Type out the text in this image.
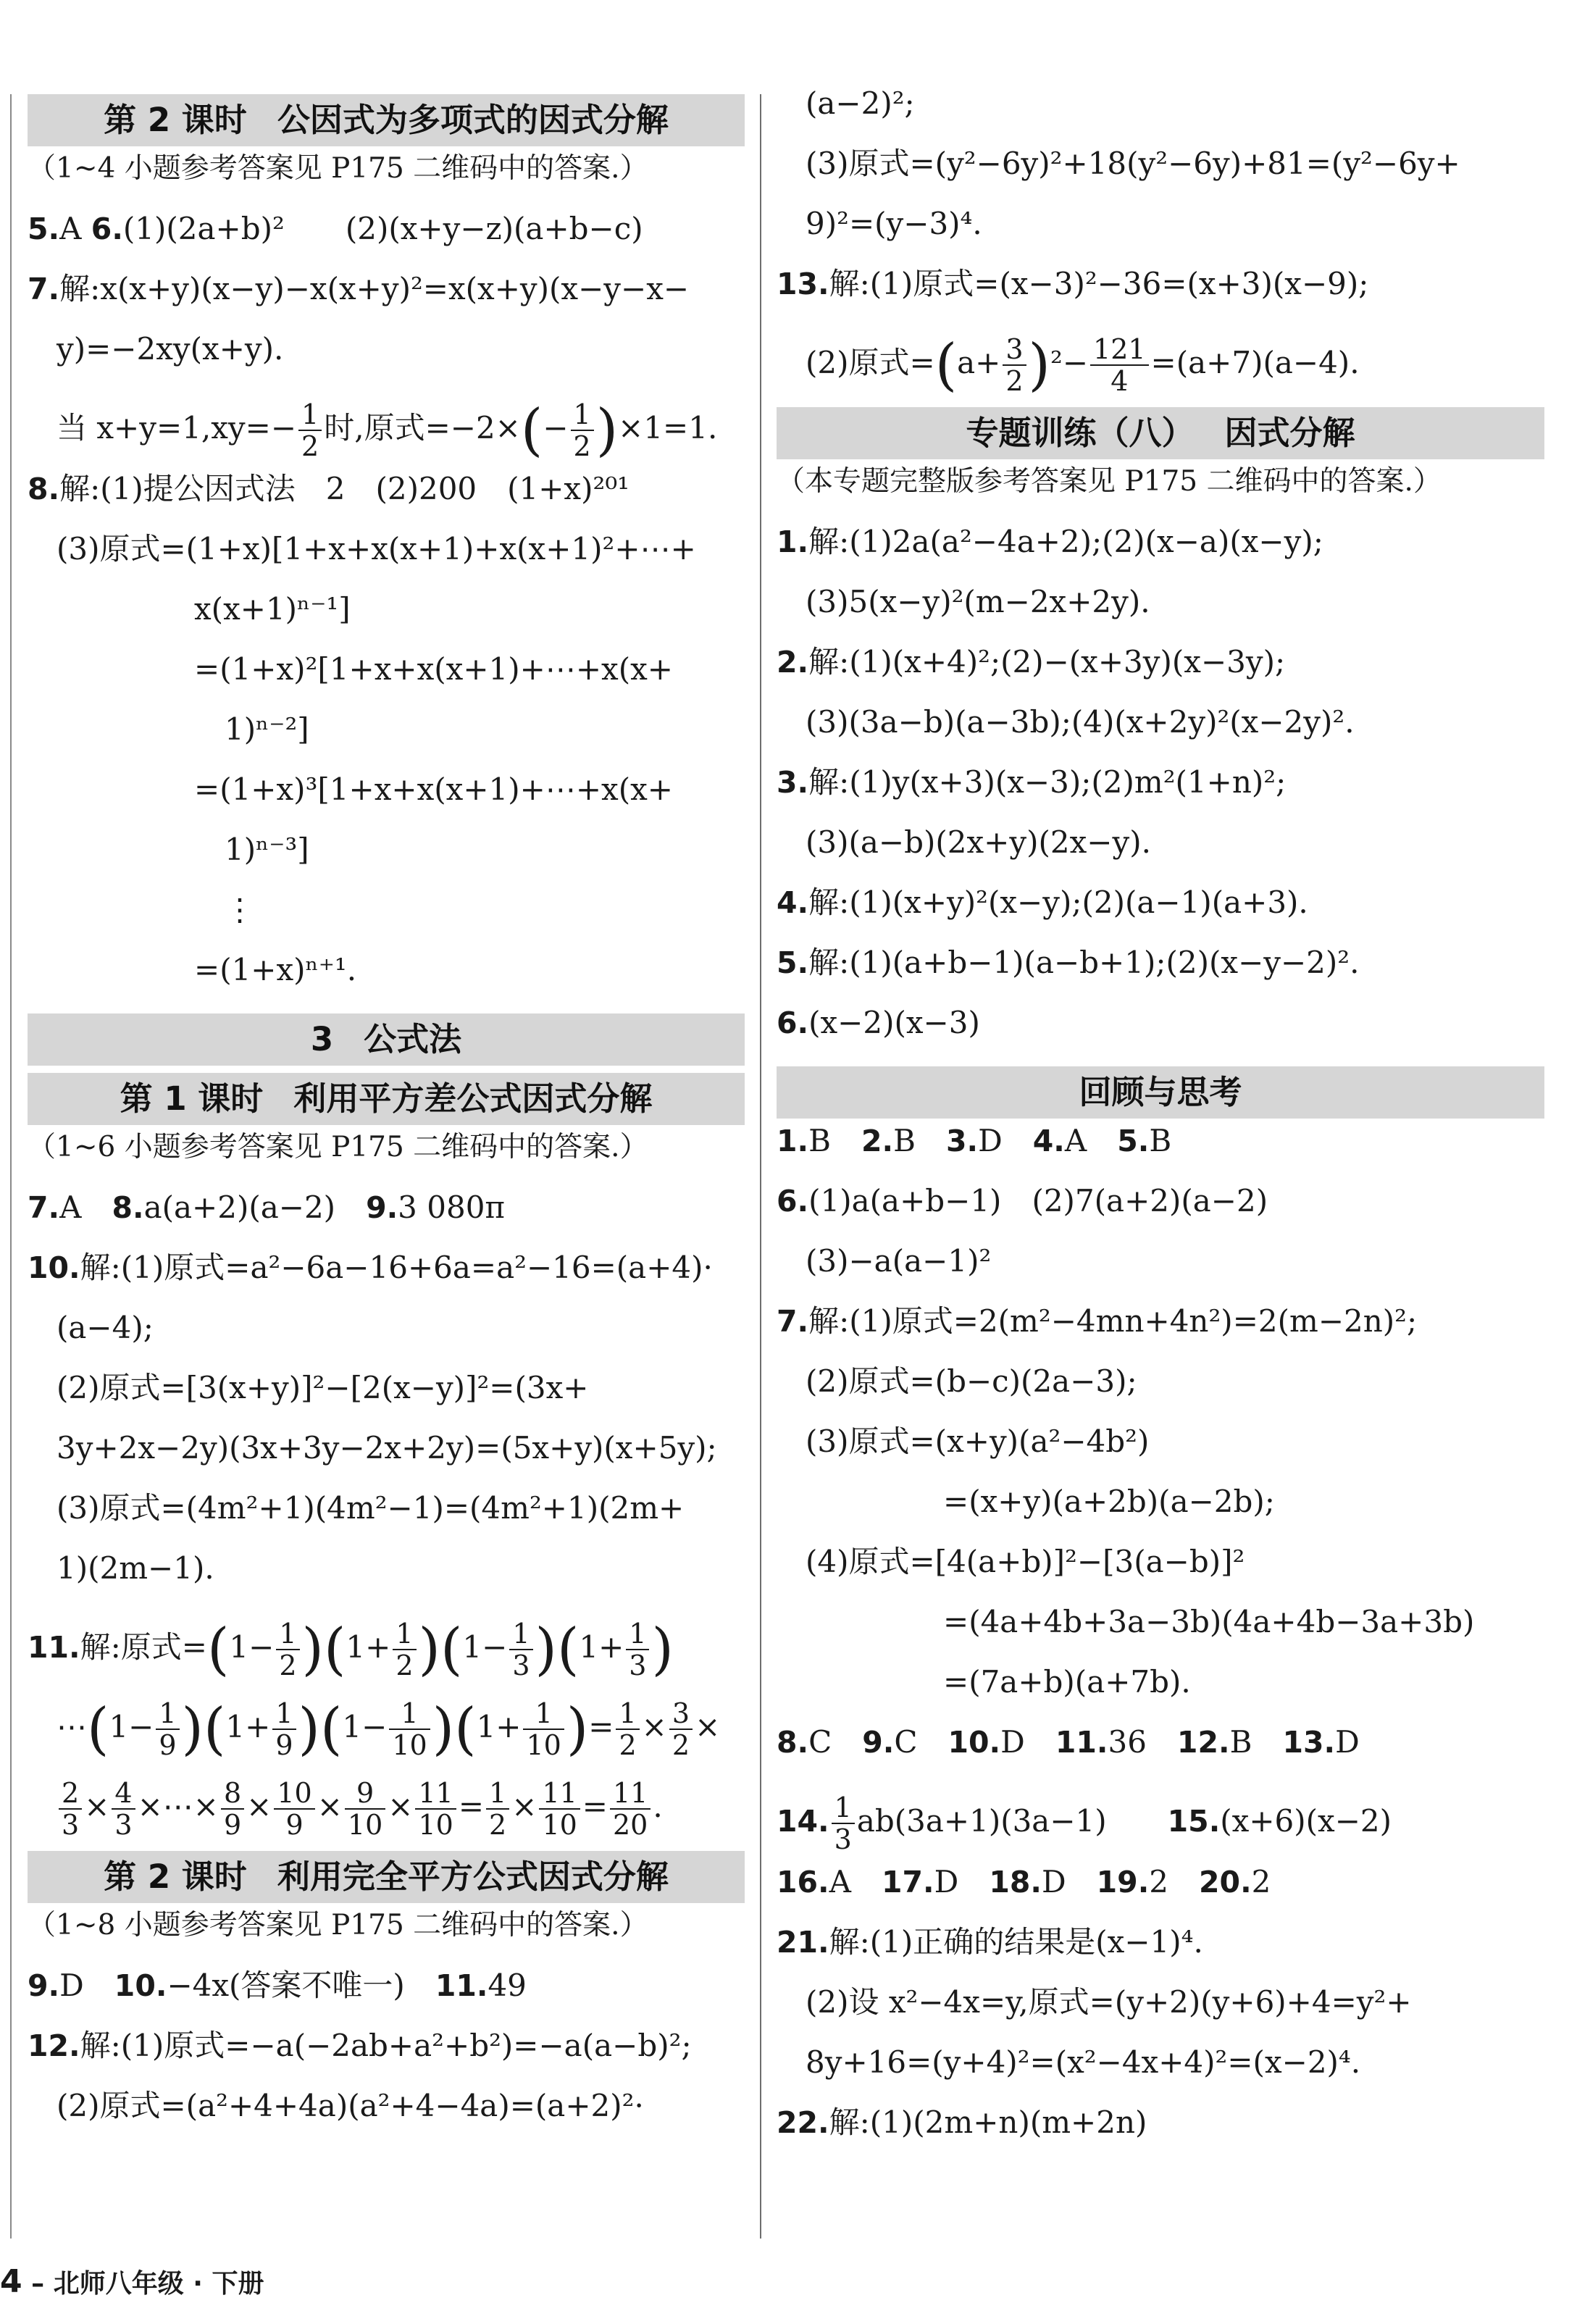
第 2 课时 公因式为多项式的因式分解
（1~4 小题参考答案见 P175 二维码中的答案.）
5.A 6.(1)(2a+b)²　　(2)(x+y−z)(a+b−c)
7.解:x(x+y)(x−y)−x(x+y)²=x(x+y)(x−y−x−
y)=−2xy(x+y).
当 $x+y=1,xy=- \frac{1}{2}$ 时,原式$=-2\times(- \frac{1}{2} )\times 1=1$.
8.解:(1)提公因式法　2　(2)200　(1+x)²⁰¹
(3)原式=(1+x)[1+x+x(x+1)+x(x+1)²+⋯+
x(x+1)ⁿ⁻¹]
=(1+x)²[1+x+x(x+1)+⋯+x(x+
　1)ⁿ⁻²]
=(1+x)³[1+x+x(x+1)+⋯+x(x+
　1)ⁿ⁻³]
　⋮
=(1+x)ⁿ⁺¹.
3 公式法
第 1 课时 利用平方差公式因式分解
（1~6 小题参考答案见 P175 二维码中的答案.）
7.A　8.a(a+2)(a−2)　9.3 080π
10.解:(1)原式=a²−6a−16+6a=a²−16=(a+4)·
(a−4);
(2)原式=[3(x+y)]²−[2(x−y)]²=(3x+
3y+2x−2y)(3x+3y−2x+2y)=(5x+y)(x+5y);
(3)原式=(4m²+1)(4m²−1)=(4m²+1)(2m+
1)(2m−1).
11.解:原式$=(1- \frac{1}{2} )(1+ \frac{1}{2} )(1- \frac{1}{3} )(1+ \frac{1}{3}$ )
⋯(1− $\frac{1}{9} )(1+ \frac{1}{9} )(1- \frac{1}{10} )(1+ \frac{1}{10}$ )= $\frac{1}{2} \times \frac{3}{2}$ ×
$\frac{2}{3} \times \frac{4}{3}$ ×⋯× $\frac{8}{9} \times \frac{10}{9} \times \frac{9}{10} \times \frac{11}{10} = \frac{1}{2} \times \frac{11}{10} = \frac{11}{20}$ .
第 2 课时 利用完全平方公式因式分解
（1~8 小题参考答案见 P175 二维码中的答案.）
9.D　10.−4x(答案不唯一)　11.49
12.解:(1)原式=−a(−2ab+a²+b²)=−a(a−b)²;
(2)原式=(a²+4+4a)(a²+4−4a)=(a+2)²·
(a−2)²;
(3)原式=(y²−6y)²+18(y²−6y)+81=(y²−6y+
9)²=(y−3)⁴.
13.解:(1)原式=(x−3)²−36=(x+3)(x−9);
(2)原式$=(a+ \frac{3}{2} )^2- \frac{121}{4} =(a+7)(a-4)$.
专题训练（八） 因式分解
（本专题完整版参考答案见 P175 二维码中的答案.）
1.解:(1)2a(a²−4a+2);(2)(x−a)(x−y);
(3)5(x−y)²(m−2x+2y).
2.解:(1)(x+4)²;(2)−(x+3y)(x−3y);
(3)(3a−b)(a−3b);(4)(x+2y)²(x−2y)².
3.解:(1)y(x+3)(x−3);(2)m²(1+n)²;
(3)(a−b)(2x+y)(2x−y).
4.解:(1)(x+y)²(x−y);(2)(a−1)(a+3).
5.解:(1)(a+b−1)(a−b+1);(2)(x−y−2)².
6.(x−2)(x−3)
回顾与思考
1.B　2.B　3.D　4.A　5.B
6.(1)a(a+b−1)　(2)7(a+2)(a−2)
(3)−a(a−1)²
7.解:(1)原式=2(m²−4mn+4n²)=2(m−2n)²;
(2)原式=(b−c)(2a−3);
(3)原式=(x+y)(a²−4b²)
=(x+y)(a+2b)(a−2b);
(4)原式=[4(a+b)]²−[3(a−b)]²
=(4a+4b+3a−3b)(4a+4b−3a+3b)
=(7a+b)(a+7b).
8.C　9.C　10.D　11.36　12.B　13.D
14. $\frac{1}{3} ab(3a+1)(3a-1)$　　15.(x+6)(x−2)
16.A　17.D　18.D　19.2　20.2
21.解:(1)正确的结果是(x−1)⁴.
(2)设 x²−4x=y,原式=(y+2)(y+6)+4=y²+
8y+16=(y+4)²=(x²−4x+4)²=(x−2)⁴.
22.解:(1)(2m+n)(m+2n)
4 – 北师八年级 · 下册
